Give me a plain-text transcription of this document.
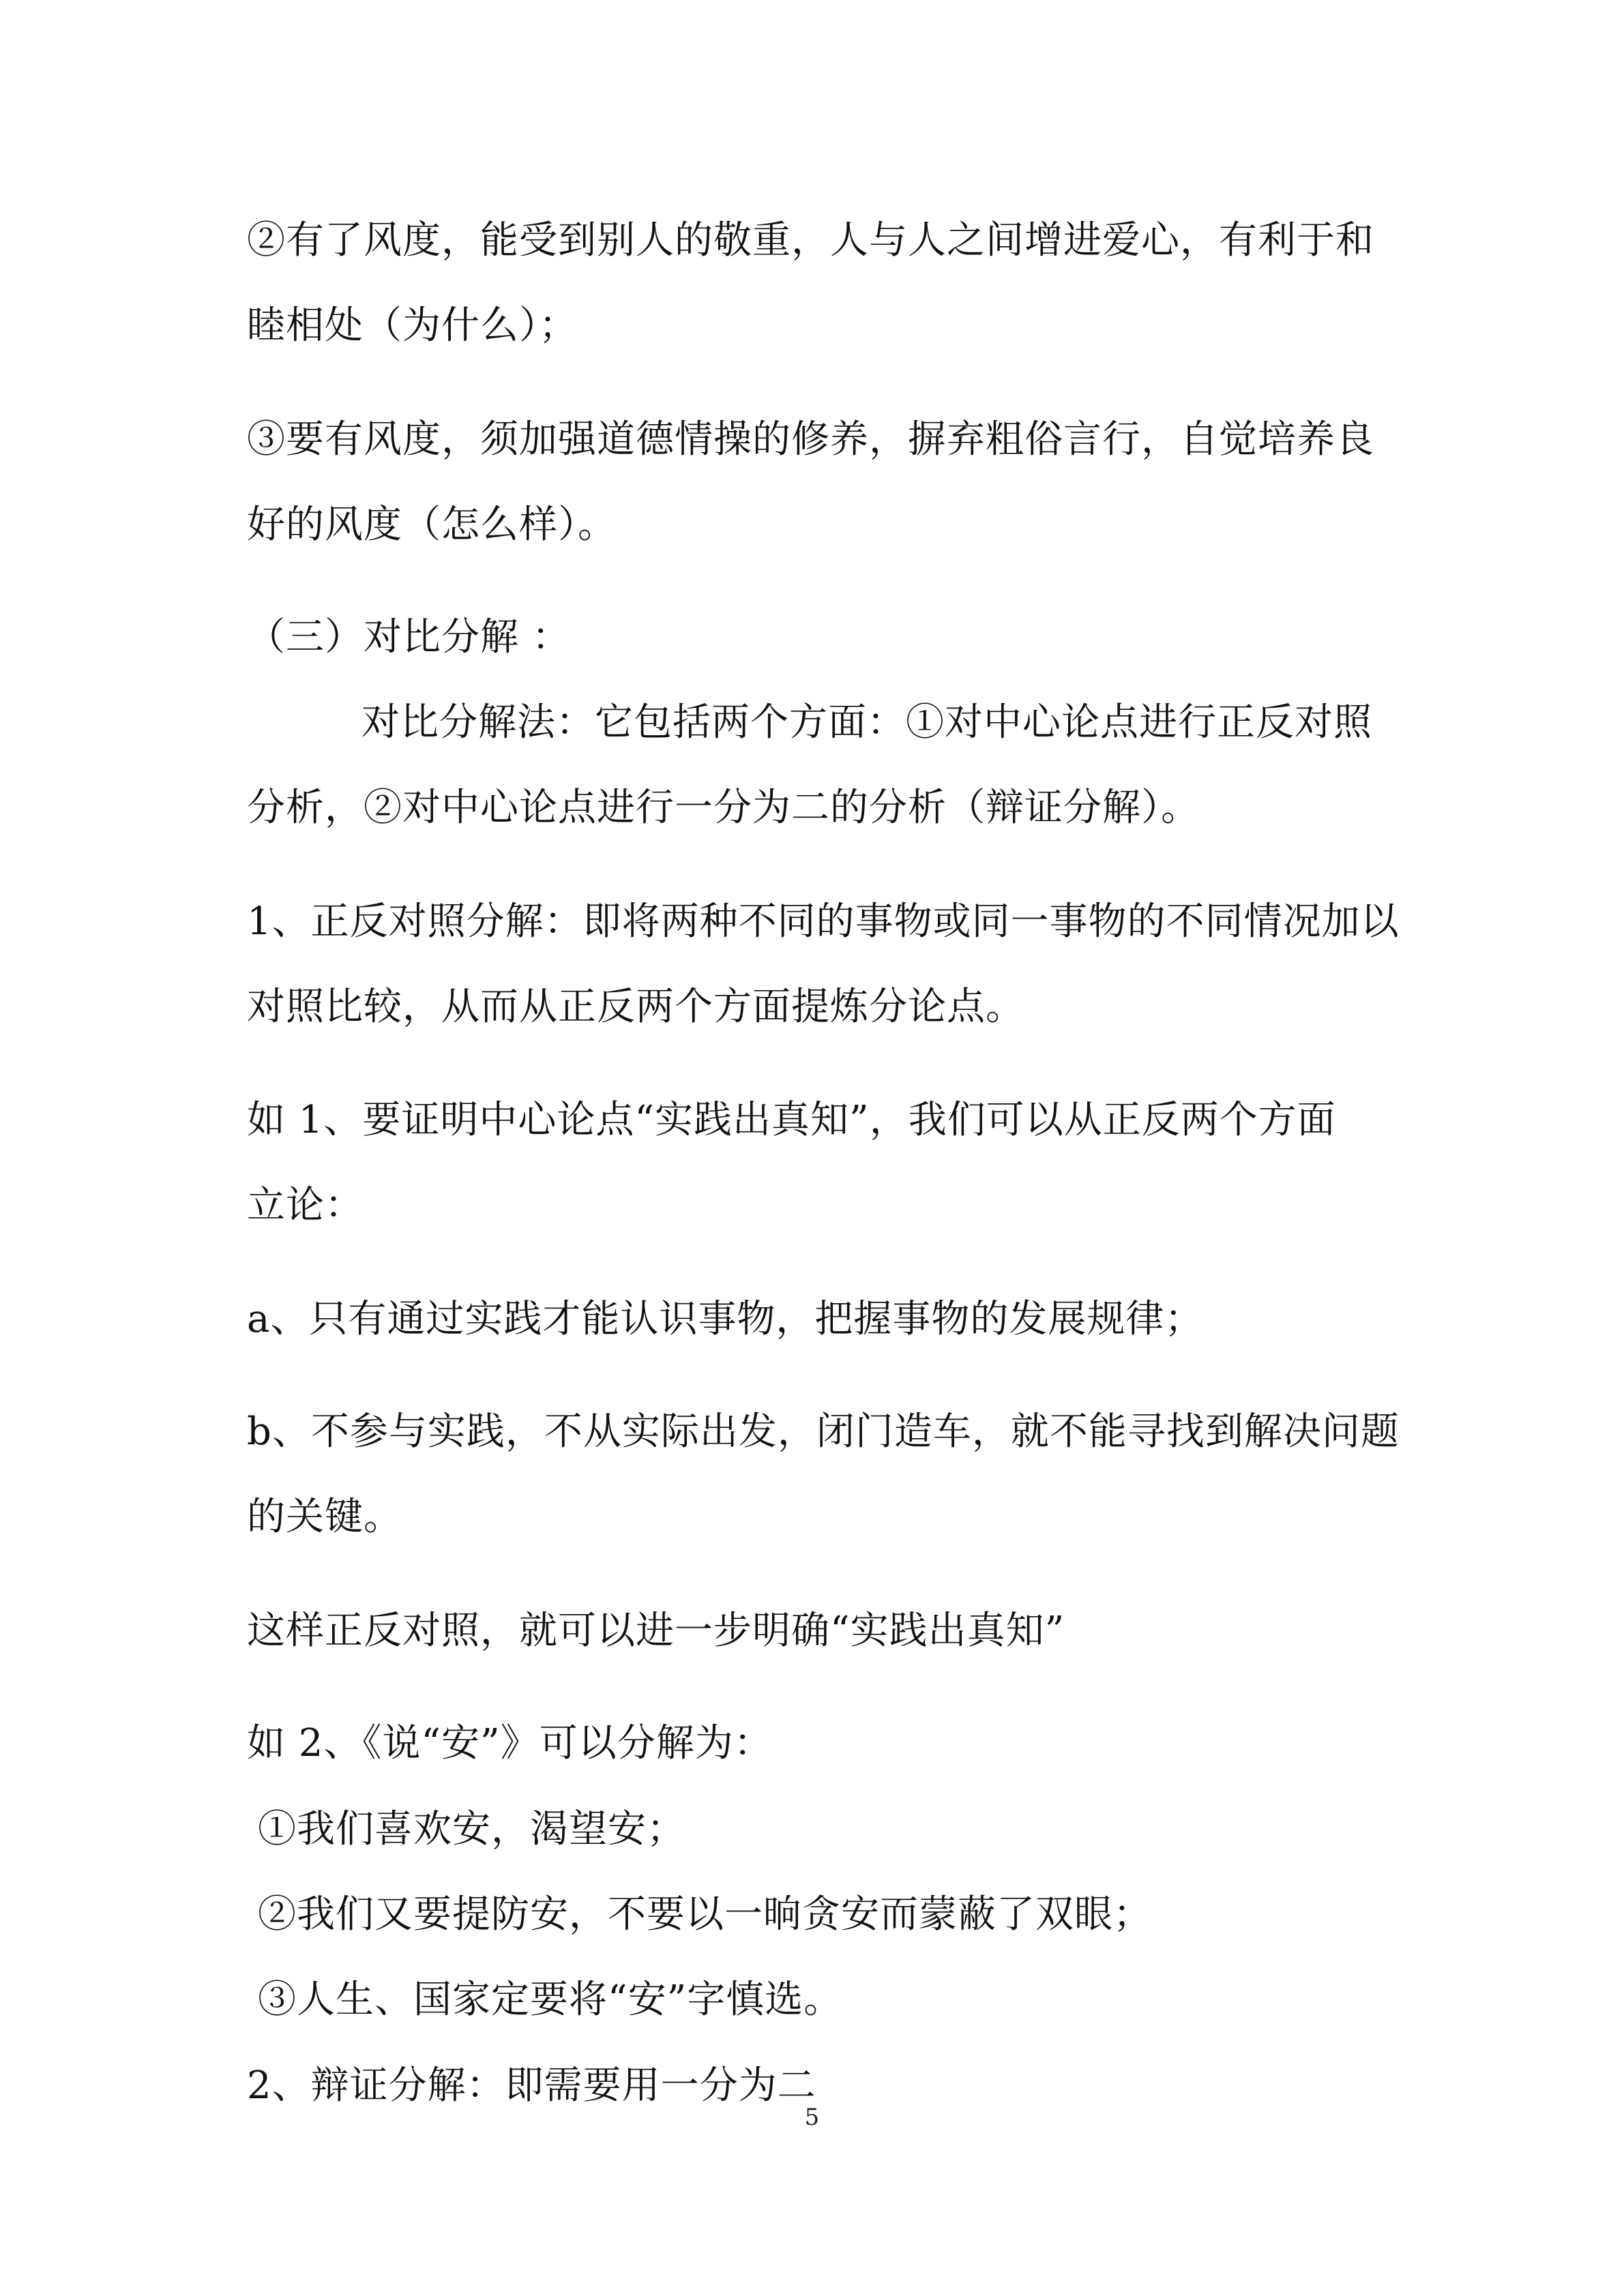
②有了风度，能受到别人的敬重，人与人之间增进爱心，有利于和
睦相处（为什么）；
③要有风度，须加强道德情操的修养，摒弃粗俗言行，自觉培养良
好的风度（怎么样）。
（三）对比分解 ：
对比分解法：它包括两个方面：①对中心论点进行正反对照
分析，②对中心论点进行一分为二的分析（辩证分解）。
1、正反对照分解：即将两种不同的事物或同一事物的不同情况加以
对照比较，从而从正反两个方面提炼分论点。
如 1、要证明中心论点“实践出真知”，我们可以从正反两个方面
立论：
a、只有通过实践才能认识事物，把握事物的发展规律；
b、不参与实践，不从实际出发，闭门造车，就不能寻找到解决问题
的关键。
这样正反对照，就可以进一步明确“实践出真知”
如 2、《说“安”》可以分解为：
①我们喜欢安，渴望安；
②我们又要提防安，不要以一晌贪安而蒙蔽了双眼；
③人生、国家定要将“安”字慎选。
2、辩证分解：即需要用一分为二
5
